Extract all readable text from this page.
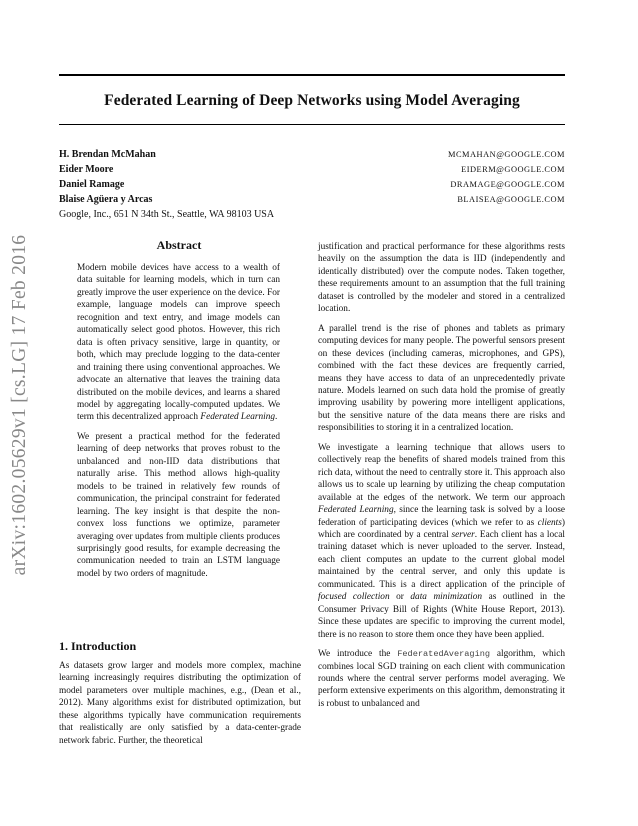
Federated Learning of Deep Networks using Model Averaging
H. Brendan McMahan	MCMAHAN@GOOGLE.COM
Eider Moore	EIDERM@GOOGLE.COM
Daniel Ramage	DRAMAGE@GOOGLE.COM
Blaise Agüera y Arcas	BLAISEA@GOOGLE.COM
Google, Inc., 651 N 34th St., Seattle, WA 98103 USA
arXiv:1602.05629v1 [cs.LG] 17 Feb 2016	Abstract

Modern mobile devices have access to a wealth of data suitable for learning models, which in turn can greatly improve the user experience on the device. For example, language models can improve speech recognition and text entry, and image models can automatically select good photos. However, this rich data is often privacy sensitive, large in quantity, or both, which may preclude logging to the data-center and training there using conventional approaches. We advocate an alternative that leaves the training data distributed on the mobile devices, and learns a shared model by aggregating locally-computed updates. We term this decentralized approach Federated Learning.

We present a practical method for the federated learning of deep networks that proves robust to the unbalanced and non-IID data distributions that naturally arise. This method allows high-quality models to be trained in relatively few rounds of communication, the principal constraint for federated learning. The key insight is that despite the non-convex loss functions we optimize, parameter averaging over updates from multiple clients produces surprisingly good results, for example decreasing the communication needed to train an LSTM language model by two orders of magnitude.

1. Introduction

As datasets grow larger and models more complex, machine learning increasingly requires distributing the optimization of model parameters over multiple machines, e.g., (Dean et al., 2012). Many algorithms exist for distributed optimization, but these algorithms typically have communication requirements that realistically are only satisfied by a data-center-grade network fabric. Further, the theoretical

justification and practical performance for these algorithms rests heavily on the assumption the data is IID (independently and identically distributed) over the compute nodes. Taken together, these requirements amount to an assumption that the full training dataset is controlled by the modeler and stored in a centralized location.

A parallel trend is the rise of phones and tablets as primary computing devices for many people. The powerful sensors present on these devices (including cameras, microphones, and GPS), combined with the fact these devices are frequently carried, means they have access to data of an unprecedentedly private nature. Models learned on such data hold the promise of greatly improving usability by powering more intelligent applications, but the sensitive nature of the data means there are risks and responsibilities to storing it in a centralized location.

We investigate a learning technique that allows users to collectively reap the benefits of shared models trained from this rich data, without the need to centrally store it. This approach also allows us to scale up learning by utilizing the cheap computation available at the edges of the network. We term our approach Federated Learning, since the learning task is solved by a loose federation of participating devices (which we refer to as clients) which are coordinated by a central server. Each client has a local training dataset which is never uploaded to the server. Instead, each client computes an update to the current global model maintained by the central server, and only this update is communicated. This is a direct application of the principle of focused collection or data minimization as outlined in the Consumer Privacy Bill of Rights (White House Report, 2013). Since these updates are specific to improving the current model, there is no reason to store them once they have been applied.

We introduce the FederatedAveraging algorithm, which combines local SGD training on each client with communication rounds where the central server performs model averaging. We perform extensive experiments on this algorithm, demonstrating it is robust to unbalanced and
